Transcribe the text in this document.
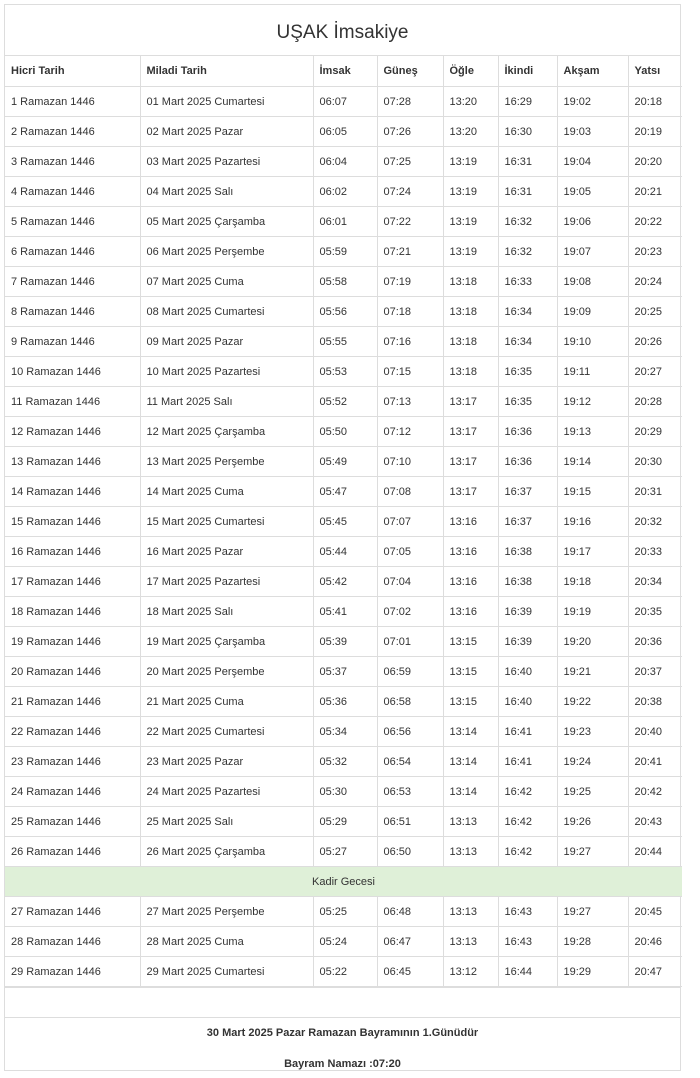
UŞAK İmsakiye
Hicri Tarih	Miladi Tarih	İmsak	Güneş	Öğle	İkindi	Akşam	Yatsı
1 Ramazan 1446	01 Mart 2025 Cumartesi	06:07	07:28	13:20	16:29	19:02	20:18
2 Ramazan 1446	02 Mart 2025 Pazar	06:05	07:26	13:20	16:30	19:03	20:19
3 Ramazan 1446	03 Mart 2025 Pazartesi	06:04	07:25	13:19	16:31	19:04	20:20
4 Ramazan 1446	04 Mart 2025 Salı	06:02	07:24	13:19	16:31	19:05	20:21
5 Ramazan 1446	05 Mart 2025 Çarşamba	06:01	07:22	13:19	16:32	19:06	20:22
6 Ramazan 1446	06 Mart 2025 Perşembe	05:59	07:21	13:19	16:32	19:07	20:23
7 Ramazan 1446	07 Mart 2025 Cuma	05:58	07:19	13:18	16:33	19:08	20:24
8 Ramazan 1446	08 Mart 2025 Cumartesi	05:56	07:18	13:18	16:34	19:09	20:25
9 Ramazan 1446	09 Mart 2025 Pazar	05:55	07:16	13:18	16:34	19:10	20:26
10 Ramazan 1446	10 Mart 2025 Pazartesi	05:53	07:15	13:18	16:35	19:11	20:27
11 Ramazan 1446	11 Mart 2025 Salı	05:52	07:13	13:17	16:35	19:12	20:28
12 Ramazan 1446	12 Mart 2025 Çarşamba	05:50	07:12	13:17	16:36	19:13	20:29
13 Ramazan 1446	13 Mart 2025 Perşembe	05:49	07:10	13:17	16:36	19:14	20:30
14 Ramazan 1446	14 Mart 2025 Cuma	05:47	07:08	13:17	16:37	19:15	20:31
15 Ramazan 1446	15 Mart 2025 Cumartesi	05:45	07:07	13:16	16:37	19:16	20:32
16 Ramazan 1446	16 Mart 2025 Pazar	05:44	07:05	13:16	16:38	19:17	20:33
17 Ramazan 1446	17 Mart 2025 Pazartesi	05:42	07:04	13:16	16:38	19:18	20:34
18 Ramazan 1446	18 Mart 2025 Salı	05:41	07:02	13:16	16:39	19:19	20:35
19 Ramazan 1446	19 Mart 2025 Çarşamba	05:39	07:01	13:15	16:39	19:20	20:36
20 Ramazan 1446	20 Mart 2025 Perşembe	05:37	06:59	13:15	16:40	19:21	20:37
21 Ramazan 1446	21 Mart 2025 Cuma	05:36	06:58	13:15	16:40	19:22	20:38
22 Ramazan 1446	22 Mart 2025 Cumartesi	05:34	06:56	13:14	16:41	19:23	20:40
23 Ramazan 1446	23 Mart 2025 Pazar	05:32	06:54	13:14	16:41	19:24	20:41
24 Ramazan 1446	24 Mart 2025 Pazartesi	05:30	06:53	13:14	16:42	19:25	20:42
25 Ramazan 1446	25 Mart 2025 Salı	05:29	06:51	13:13	16:42	19:26	20:43
26 Ramazan 1446	26 Mart 2025 Çarşamba	05:27	06:50	13:13	16:42	19:27	20:44
Kadir Gecesi							
27 Ramazan 1446	27 Mart 2025 Perşembe	05:25	06:48	13:13	16:43	19:27	20:45
28 Ramazan 1446	28 Mart 2025 Cuma	05:24	06:47	13:13	16:43	19:28	20:46
29 Ramazan 1446	29 Mart 2025 Cumartesi	05:22	06:45	13:12	16:44	19:29	20:47
30 Mart 2025 Pazar Ramazan Bayramının 1.Günüdür
Bayram Namazı :07:20
